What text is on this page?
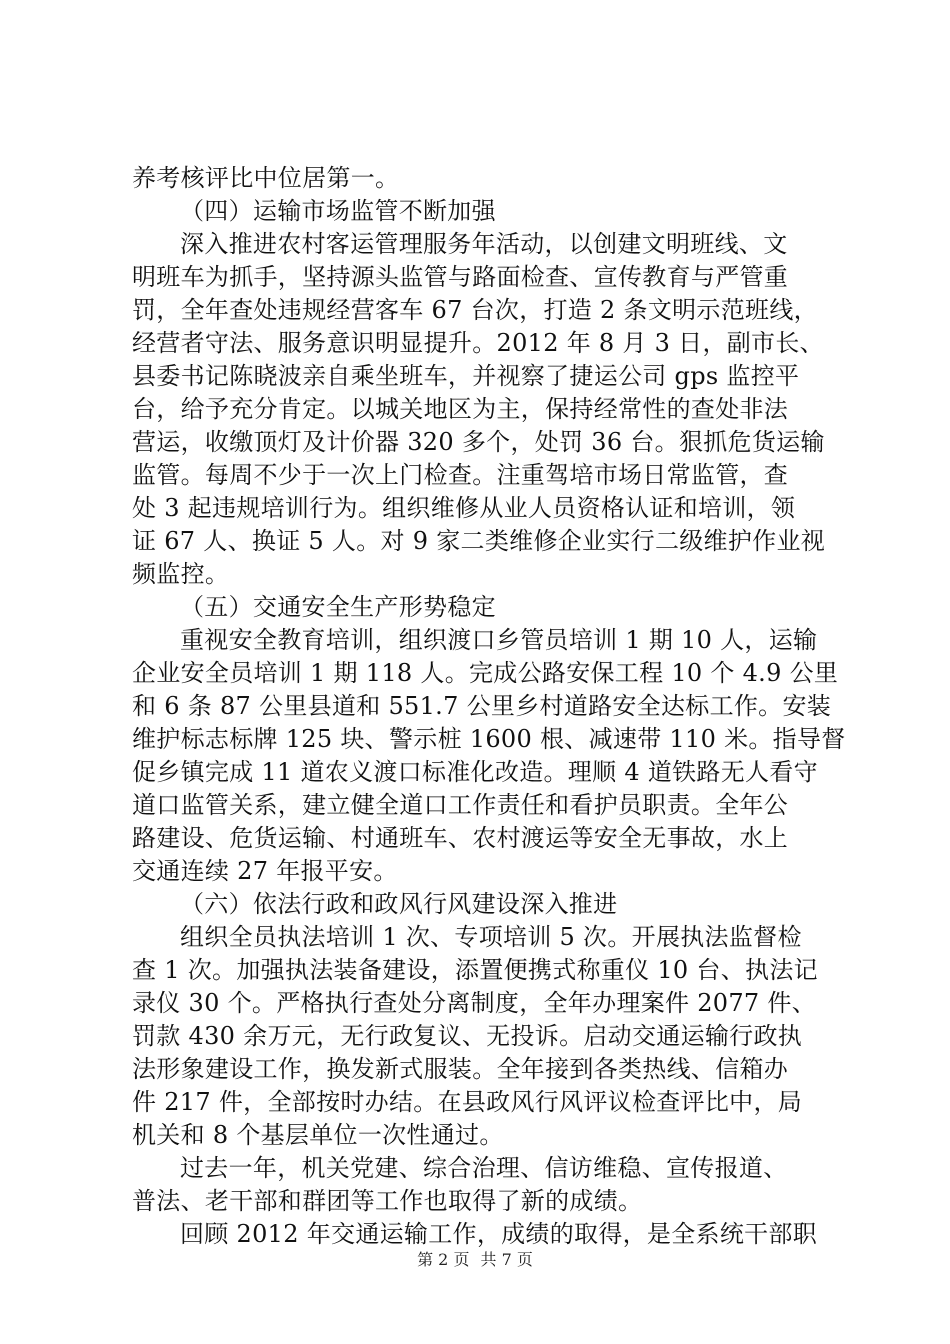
养考核评比中位居第一。
（四）运输市场监管不断加强
深入推进农村客运管理服务年活动，以创建文明班线、文
明班车为抓手，坚持源头监管与路面检查、宣传教育与严管重
罚，全年查处违规经营客车 67 台次，打造 2 条文明示范班线，
经营者守法、服务意识明显提升。2012 年 8 月 3 日，副市长、
县委书记陈晓波亲自乘坐班车，并视察了捷运公司 gps 监控平
台，给予充分肯定。以城关地区为主，保持经常性的查处非法
营运，收缴顶灯及计价器 320 多个，处罚 36 台。狠抓危货运输
监管。每周不少于一次上门检查。注重驾培市场日常监管，查
处 3 起违规培训行为。组织维修从业人员资格认证和培训，领
证 67 人、换证 5 人。对 9 家二类维修企业实行二级维护作业视
频监控。
（五）交通安全生产形势稳定
重视安全教育培训，组织渡口乡管员培训 1 期 10 人，运输
企业安全员培训 1 期 118 人。完成公路安保工程 10 个 4.9 公里
和 6 条 87 公里县道和 551.7 公里乡村道路安全达标工作。安装
维护标志标牌 125 块、警示桩 1600 根、减速带 110 米。指导督
促乡镇完成 11 道农义渡口标准化改造。理顺 4 道铁路无人看守
道口监管关系，建立健全道口工作责任和看护员职责。全年公
路建设、危货运输、村通班车、农村渡运等安全无事故，水上
交通连续 27 年报平安。
（六）依法行政和政风行风建设深入推进
组织全员执法培训 1 次、专项培训 5 次。开展执法监督检
查 1 次。加强执法装备建设，添置便携式称重仪 10 台、执法记
录仪 30 个。严格执行查处分离制度，全年办理案件 2077 件、
罚款 430 余万元，无行政复议、无投诉。启动交通运输行政执
法形象建设工作，换发新式服装。全年接到各类热线、信箱办
件 217 件，全部按时办结。在县政风行风评议检查评比中，局
机关和 8 个基层单位一次性通过。
过去一年，机关党建、综合治理、信访维稳、宣传报道、
普法、老干部和群团等工作也取得了新的成绩。
回顾 2012 年交通运输工作，成绩的取得，是全系统干部职
第 2 页 共 7 页
